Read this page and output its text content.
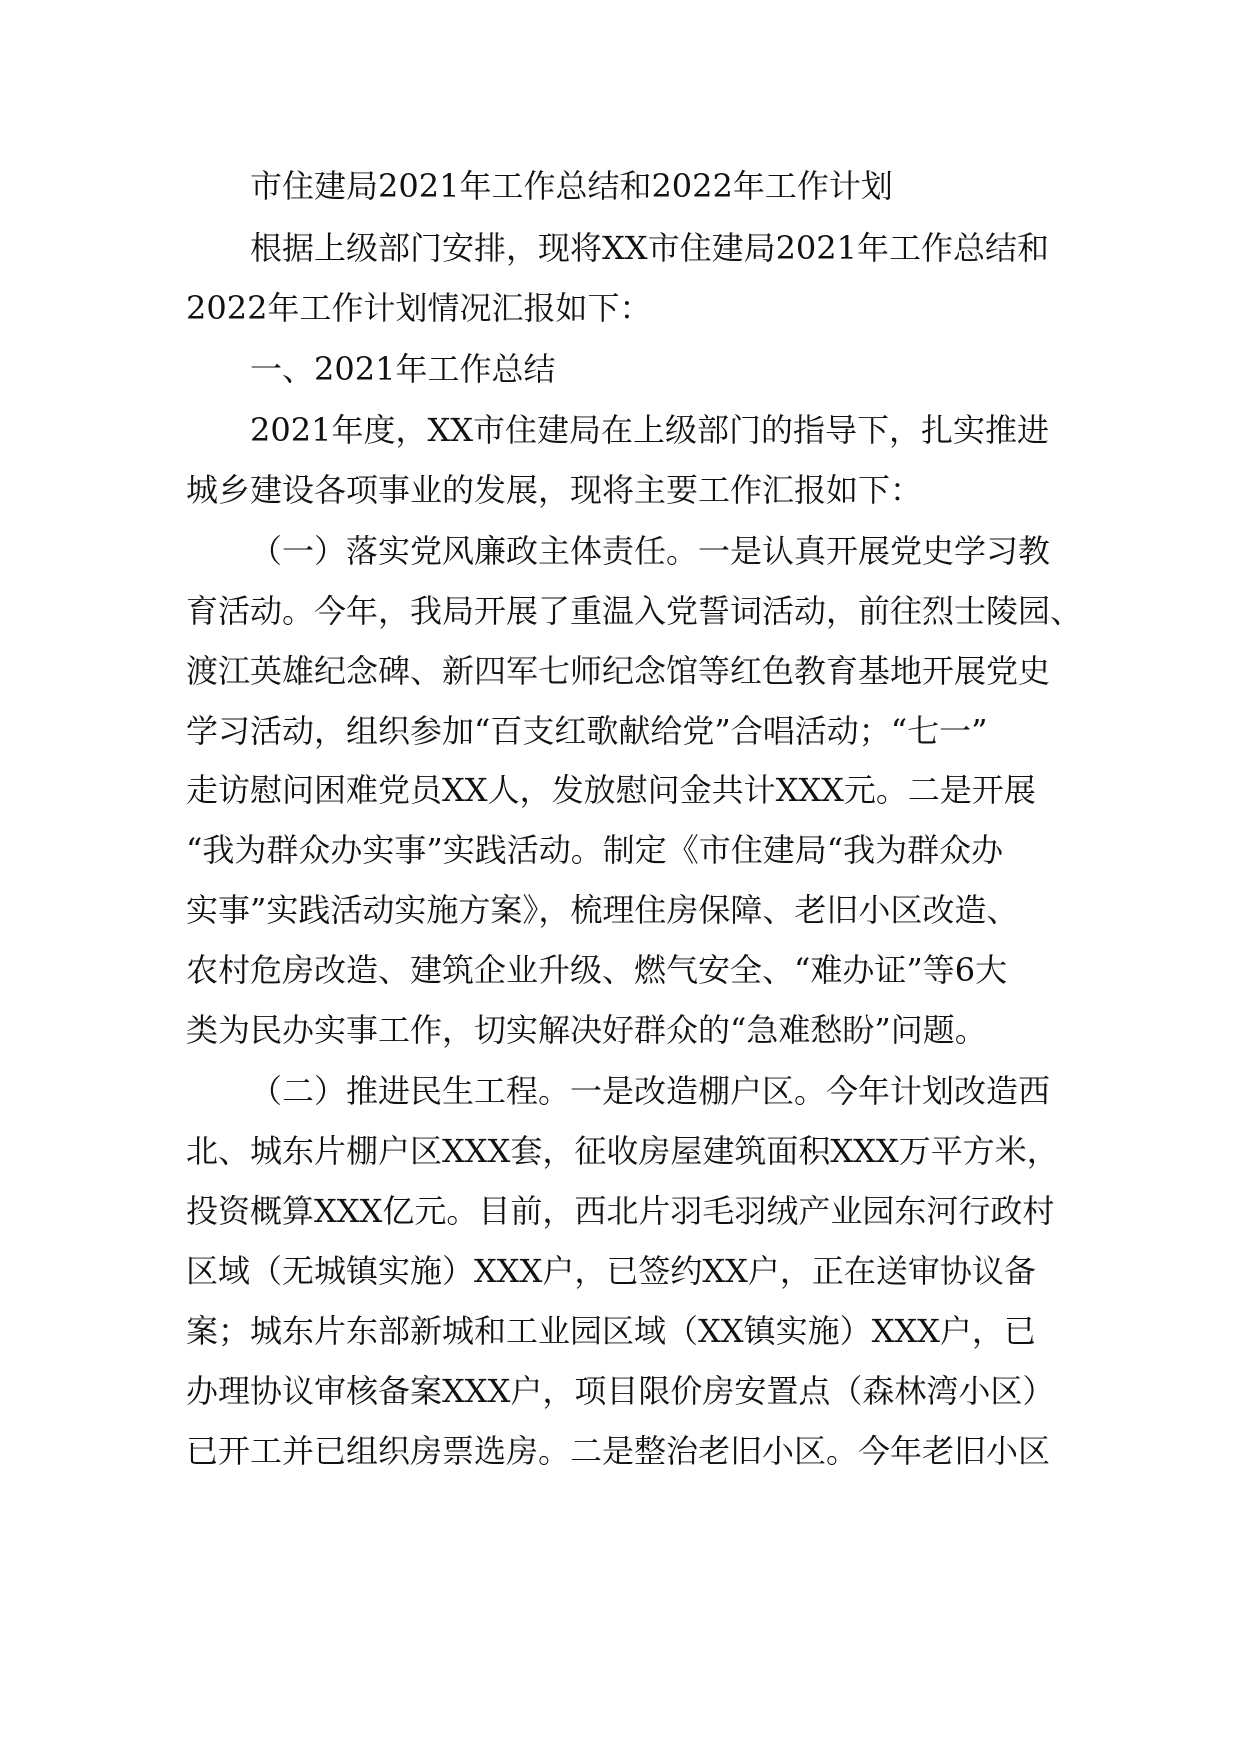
市住建局2021年工作总结和2022年工作计划
根据上级部门安排，现将XX市住建局2021年工作总结和
2022年工作计划情况汇报如下：
一、2021年工作总结
2021年度，XX市住建局在上级部门的指导下，扎实推进
城乡建设各项事业的发展，现将主要工作汇报如下：
（一）落实党风廉政主体责任。一是认真开展党史学习教
育活动。今年，我局开展了重温入党誓词活动，前往烈士陵园、
渡江英雄纪念碑、新四军七师纪念馆等红色教育基地开展党史
学习活动，组织参加“百支红歌献给党”合唱活动；“七一”
走访慰问困难党员XX人，发放慰问金共计XXX元。二是开展
“我为群众办实事”实践活动。制定《市住建局“我为群众办
实事”实践活动实施方案》，梳理住房保障、老旧小区改造、
农村危房改造、建筑企业升级、燃气安全、“难办证”等6大
类为民办实事工作，切实解决好群众的“急难愁盼”问题。
（二）推进民生工程。一是改造棚户区。今年计划改造西
北、城东片棚户区XXX套，征收房屋建筑面积XXX万平方米，
投资概算XXX亿元。目前，西北片羽毛羽绒产业园东河行政村
区域（无城镇实施）XXX户，已签约XX户，正在送审协议备
案；城东片东部新城和工业园区域（XX镇实施）XXX户，已
办理协议审核备案XXX户，项目限价房安置点（森林湾小区）
已开工并已组织房票选房。二是整治老旧小区。今年老旧小区
